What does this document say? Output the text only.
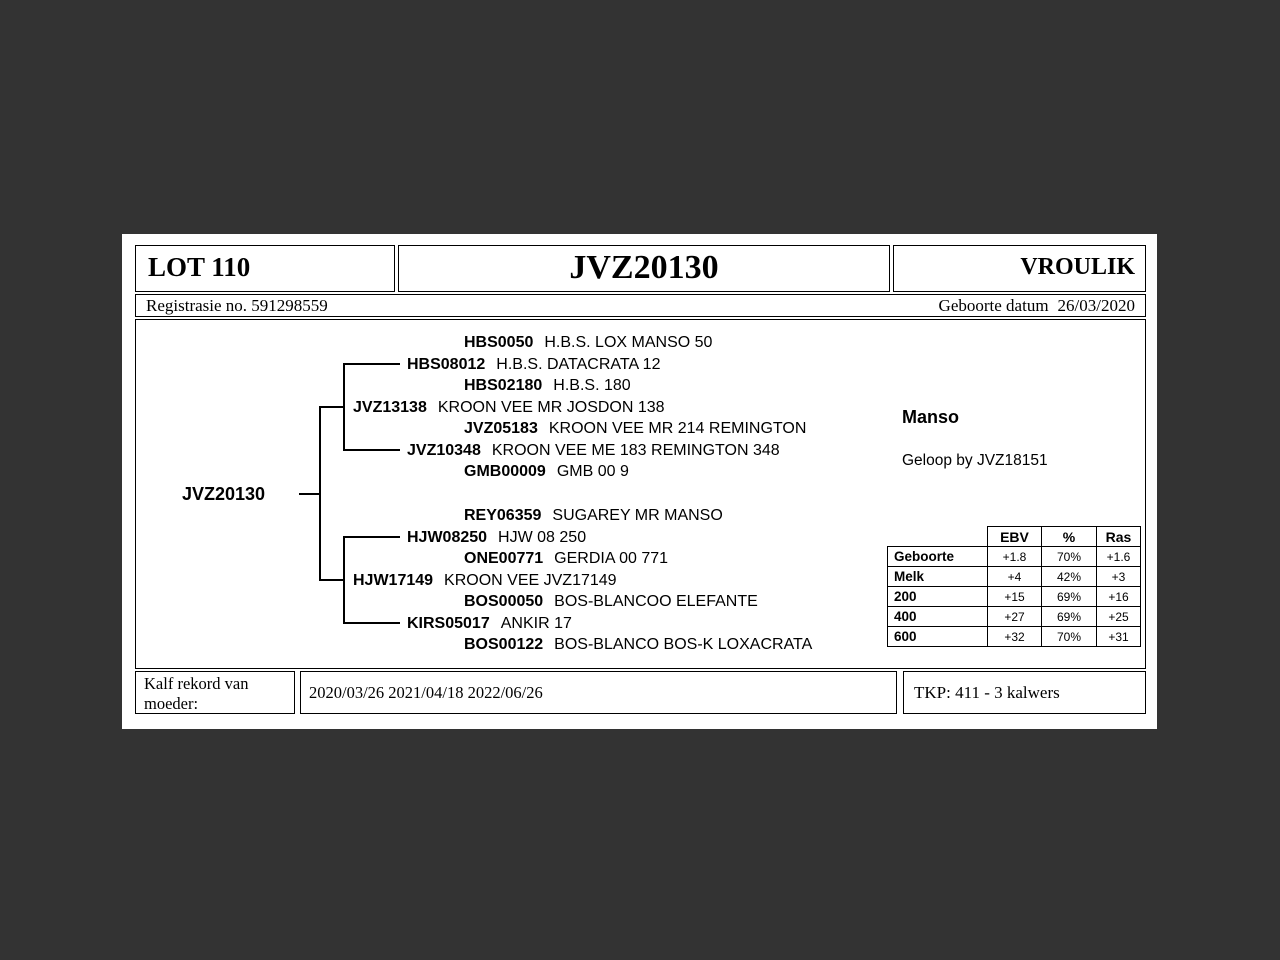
LOT 110	JVZ20130	VROULIK
Registrasie no. 591298559	Geboorte datum 26/03/2020
HBS0050 H.B.S. LOX MANSO 50
HBS08012 H.B.S. DATACRATA 12
HBS02180 H.B.S. 180
JVZ13138 KROON VEE MR JOSDON 138
JVZ05183 KROON VEE MR 214 REMINGTON
JVZ10348 KROON VEE ME 183 REMINGTON 348
GMB00009 GMB 00 9
JVZ20130
REY06359 SUGAREY MR MANSO
HJW08250 HJW 08 250
ONE00771 GERDIA 00 771
HJW17149 KROON VEE JVZ17149
BOS00050 BOS-BLANCOO ELEFANTE
KIRS05017 ANKIR 17
BOS00122 BOS-BLANCO BOS-K LOXACRATA
Manso
Geloop by JVZ18151
	EBV	%	Ras
Geboorte	+1.8	70%	+1.6
Melk	+4	42%	+3
200	+15	69%	+16
400	+27	69%	+25
600	+32	70%	+31
Kalf rekord van moeder:
2020/03/26 2021/04/18 2022/06/26	TKP: 411 - 3 kalwers
